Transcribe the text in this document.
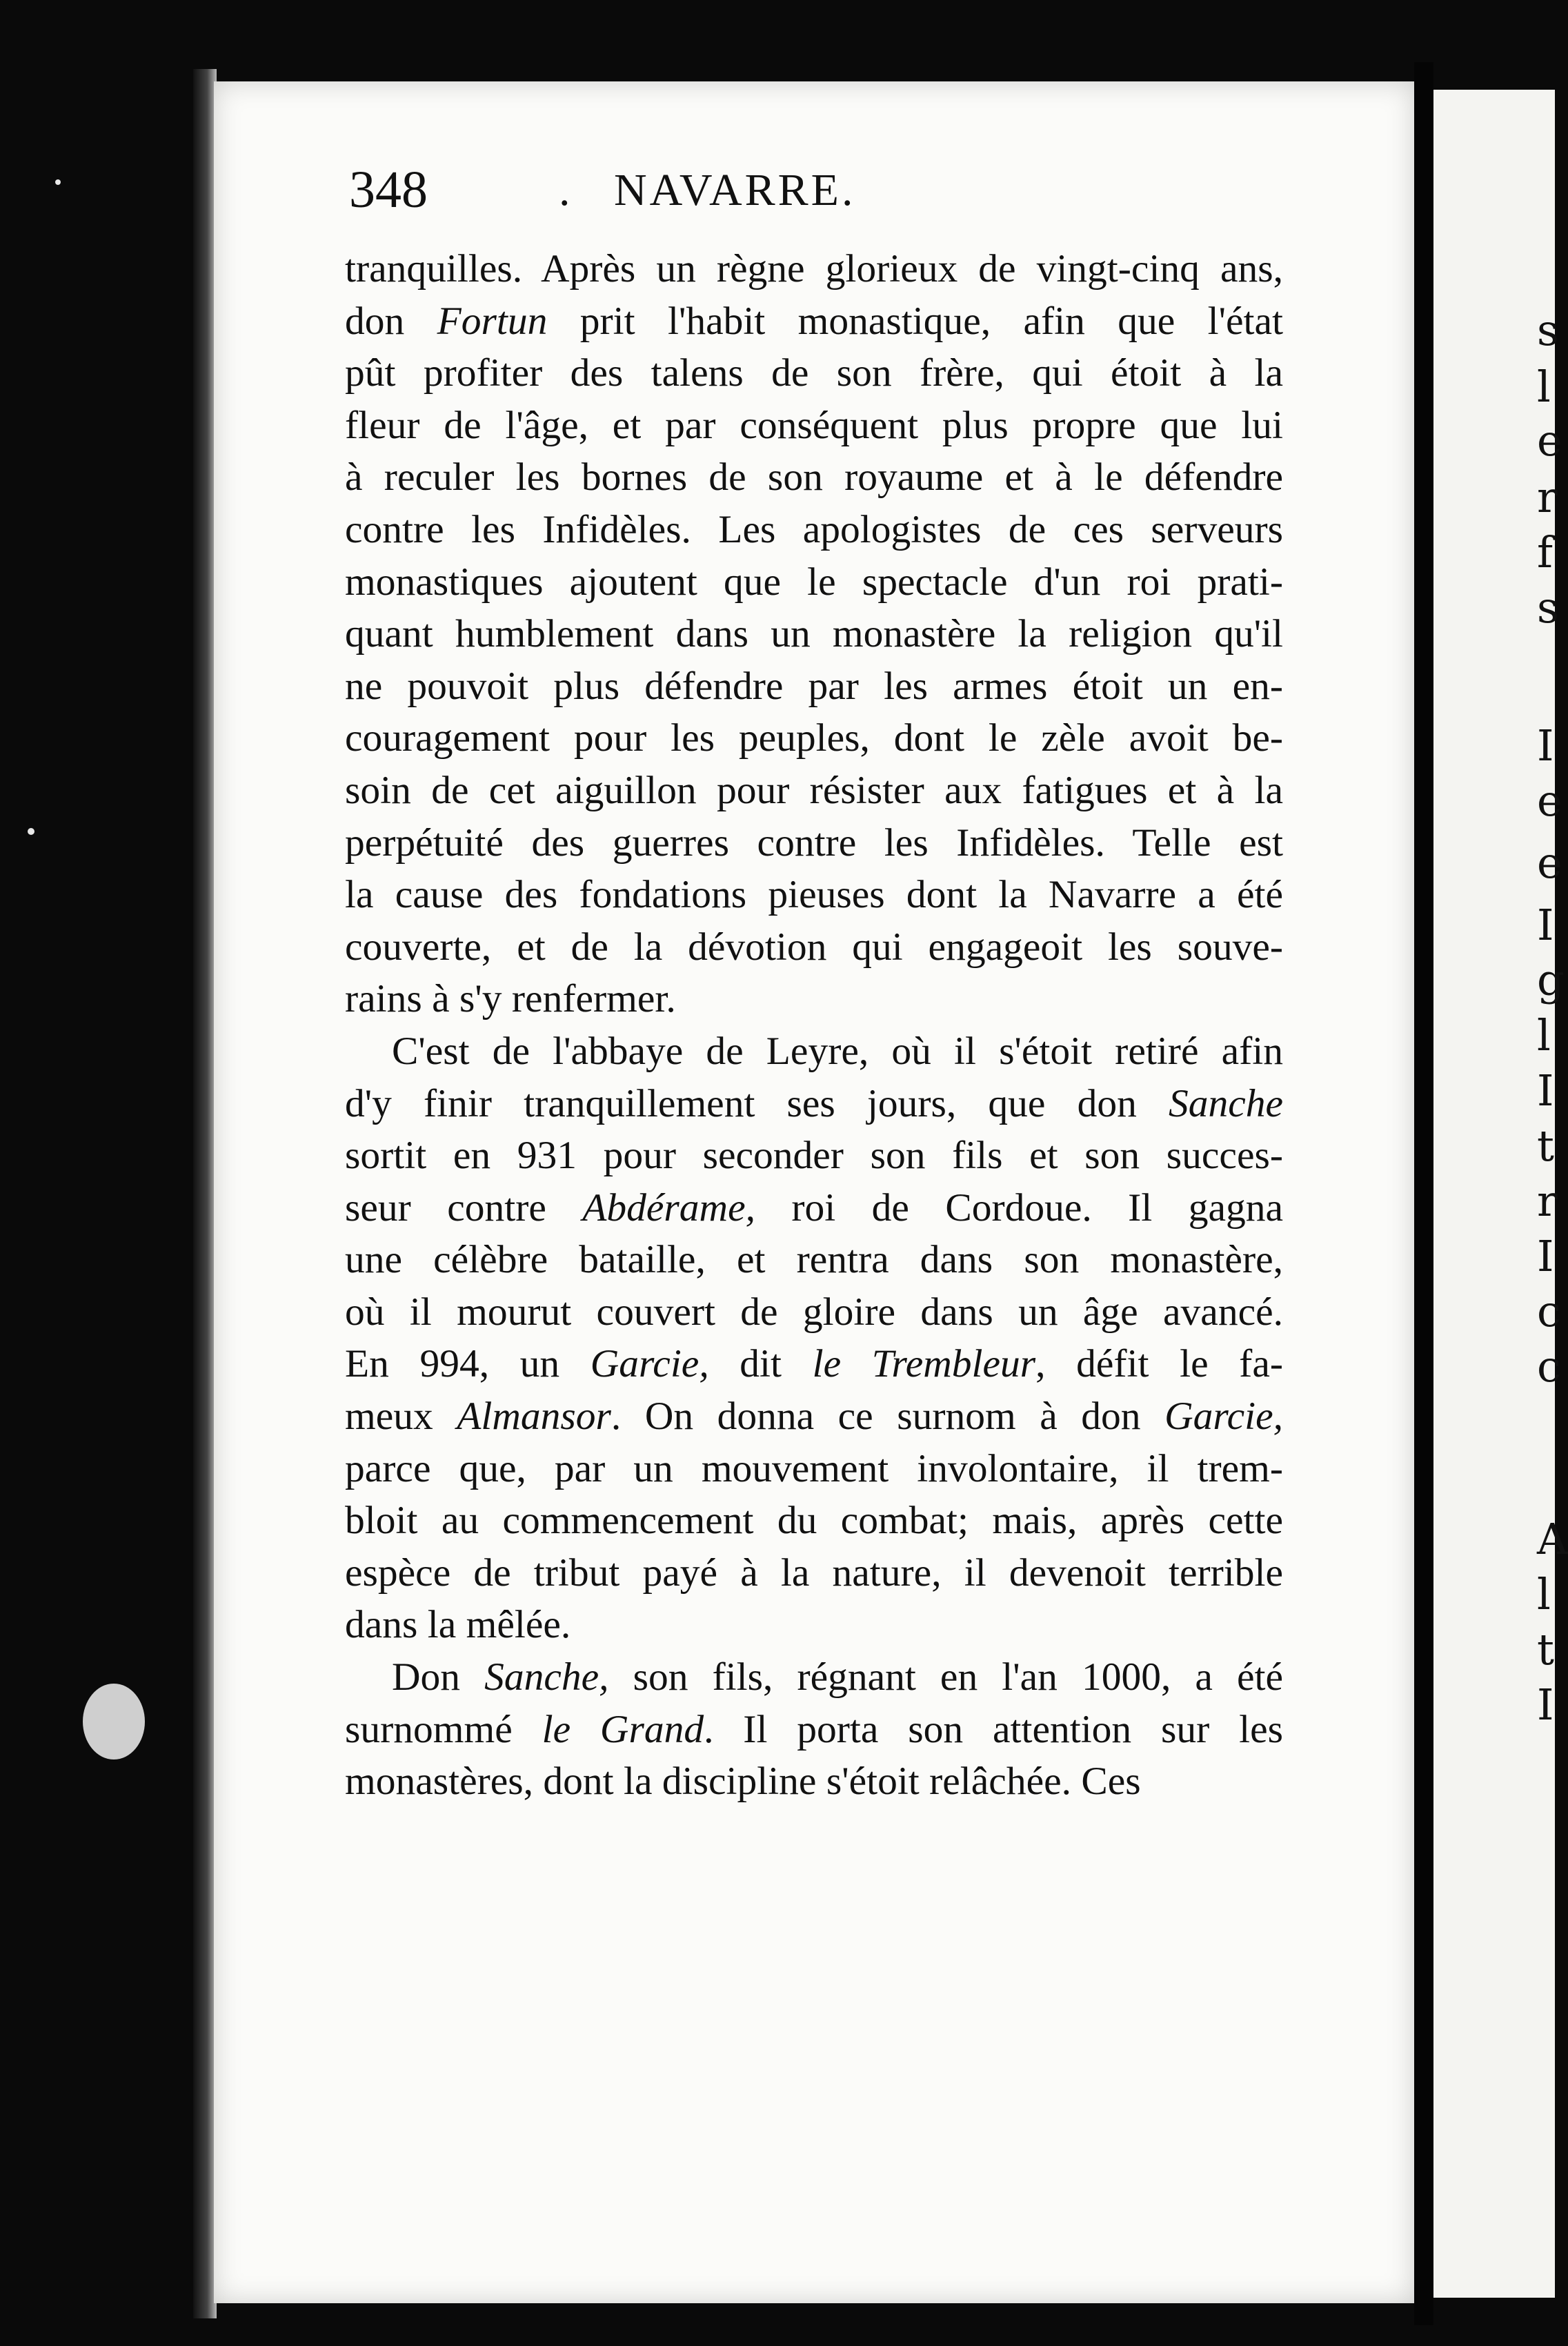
s
l
e
r
f
s
I
e
e
I
g
l
I
t
r
I
c
c
A
l
t
I
348	. NAVARRE.
tranquilles. Après un règne glorieux de vingt-cinq ans,
don Fortun prit l'habit monastique, afin que l'état
pût profiter des talens de son frère, qui étoit à la
fleur de l'âge, et par conséquent plus propre que lui
à reculer les bornes de son royaume et à le défendre
contre les Infidèles. Les apologistes de ces serveurs
monastiques ajoutent que le spectacle d'un roi prati-
quant humblement dans un monastère la religion qu'il
ne pouvoit plus défendre par les armes étoit un en-
couragement pour les peuples, dont le zèle avoit be-
soin de cet aiguillon pour résister aux fatigues et à la
perpétuité des guerres contre les Infidèles. Telle est
la cause des fondations pieuses dont la Navarre a été
couverte, et de la dévotion qui engageoit les souve-
rains à s'y renfermer.
C'est de l'abbaye de Leyre, où il s'étoit retiré afin
d'y finir tranquillement ses jours, que don Sanche
sortit en 931 pour seconder son fils et son succes-
seur contre Abdérame, roi de Cordoue. Il gagna
une célèbre bataille, et rentra dans son monastère,
où il mourut couvert de gloire dans un âge avancé.
En 994, un Garcie, dit le Trembleur, défit le fa-
meux Almansor. On donna ce surnom à don Garcie,
parce que, par un mouvement involontaire, il trem-
bloit au commencement du combat; mais, après cette
espèce de tribut payé à la nature, il devenoit terrible
dans la mêlée.
Don Sanche, son fils, régnant en l'an 1000, a été
surnommé le Grand. Il porta son attention sur les
monastères, dont la discipline s'étoit relâchée. Ces
